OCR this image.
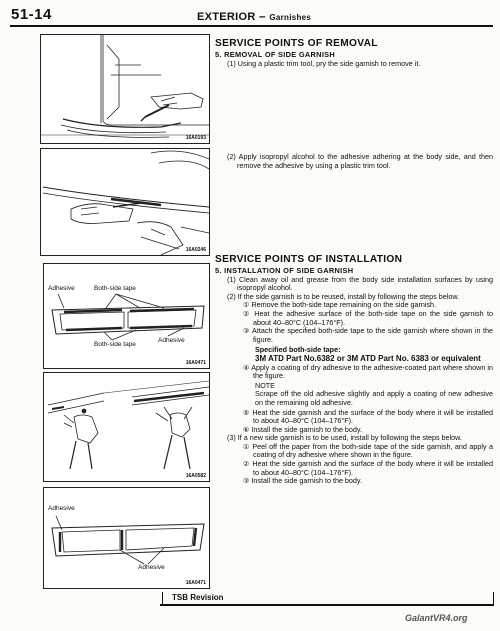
51-14	EXTERIOR – Garnishes
16A0193
16A0246
Adhesive	Both-side tape
Both-side tape
Adhesive
16A0471
16A0582
Adhesive
Adhesive
16A0471
SERVICE POINTS OF REMOVAL
5. REMOVAL OF SIDE GARNISH

(1) Using a plastic trim tool, pry the side garnish to remove it.

(2) Apply isopropyl alcohol to the adhesive adhering at the body side, and then remove the adhesive by using a plastic trim tool.

SERVICE POINTS OF INSTALLATION
5. INSTALLATION OF SIDE GARNISH

(1) Clean away oil and grease from the body side installation surfaces by using isopropyl alcohol.

(2) If the side garnish is to be reused, install by following the steps below.

① Remove the both-side tape remaining on the side garnish.

② Heat the adhesive surface of the both-side tape on the side garnish to about 40–80°C (104–176°F).

③ Attach the specified both-side tape to the side garnish where shown in the figure.

Specified both-side tape:

3M ATD Part No.6382 or 3M ATD Part No. 6383 or equivalent

④ Apply a coating of dry adhesive to the adhesive-coated part where shown in the figure.

NOTE

Scrape off the old adhesive slightly and apply a coating of new adhesive on the remaining old adhesive.

⑤ Heat the side garnish and the surface of the body where it will be installed to about 40–80°C (104–176°F).

⑥ Install the side garnish to the body.

(3) If a new side garnish is to be used, install by following the steps below.

① Peel off the paper from the both-side tape of the side garnish, and apply a coating of dry adhesive where shown in the figure.

② Heat the side garnish and the surface of the body where it will be installed to about 40–80°C (104–176°F).

③ Install the side garnish to the body.

TSB Revision
GalantVR4.org
